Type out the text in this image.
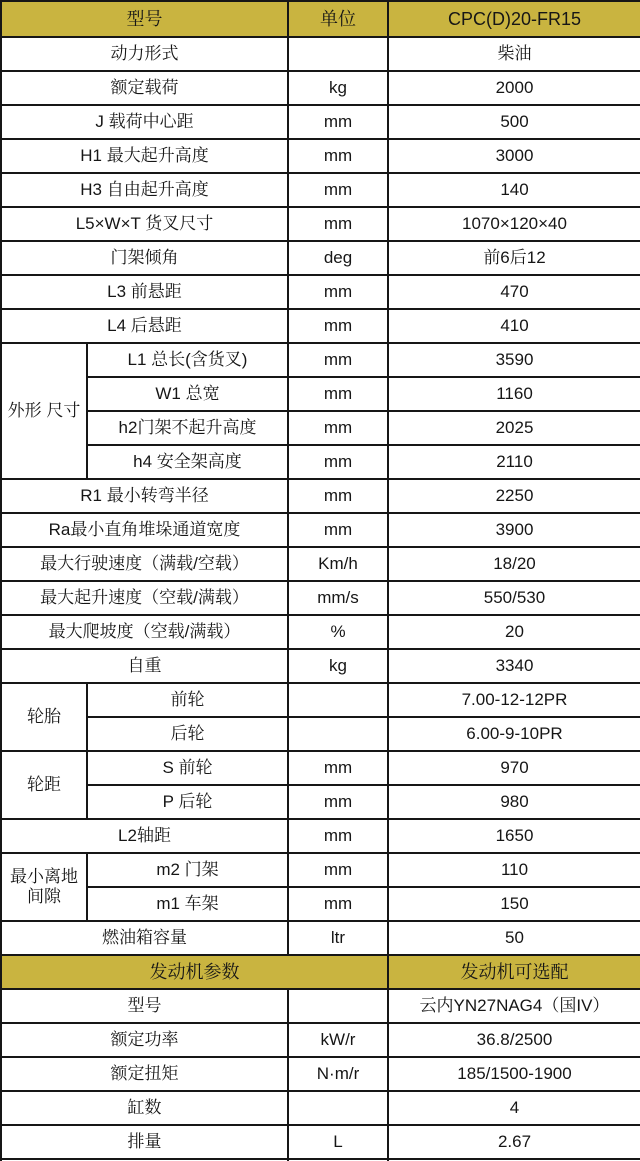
型号		单位	CPC(D)20-FR15
动力形式			柴油
额定载荷		kg	2000
J 载荷中心距		mm	500
H1 最大起升高度		mm	3000
H3 自由起升高度		mm	140
L5×W×T 货叉尺寸		mm	1070×120×40
门架倾角		deg	前6后12
L3 前悬距		mm	470
L4 后悬距		mm	410
外形 尺寸	L1 总长(含货叉)	mm	3590
	W1 总宽	mm	1160
	h2门架不起升高度	mm	2025
	h4 安全架高度	mm	2110
R1 最小转弯半径		mm	2250
Ra最小直角堆垛通道宽度		mm	3900
最大行驶速度（满载/空载）		Km/h	18/20
最大起升速度（空载/满载）		mm/s	550/530
最大爬坡度（空载/满载）		%	20
自重		kg	3340
轮胎	前轮		7.00-12-12PR
	后轮		6.00-9-10PR
轮距	S 前轮	mm	970
	P 后轮	mm	980
L2轴距		mm	1650
最小离地间隙	m2 门架	mm	110
	m1 车架	mm	150
燃油箱容量		ltr	50
发动机参数			发动机可选配
型号			云内YN27NAG4（国IV）
额定功率		kW/r	36.8/2500
额定扭矩		N·m/r	185/1500-1900
缸数			4
排量		L	2.67
